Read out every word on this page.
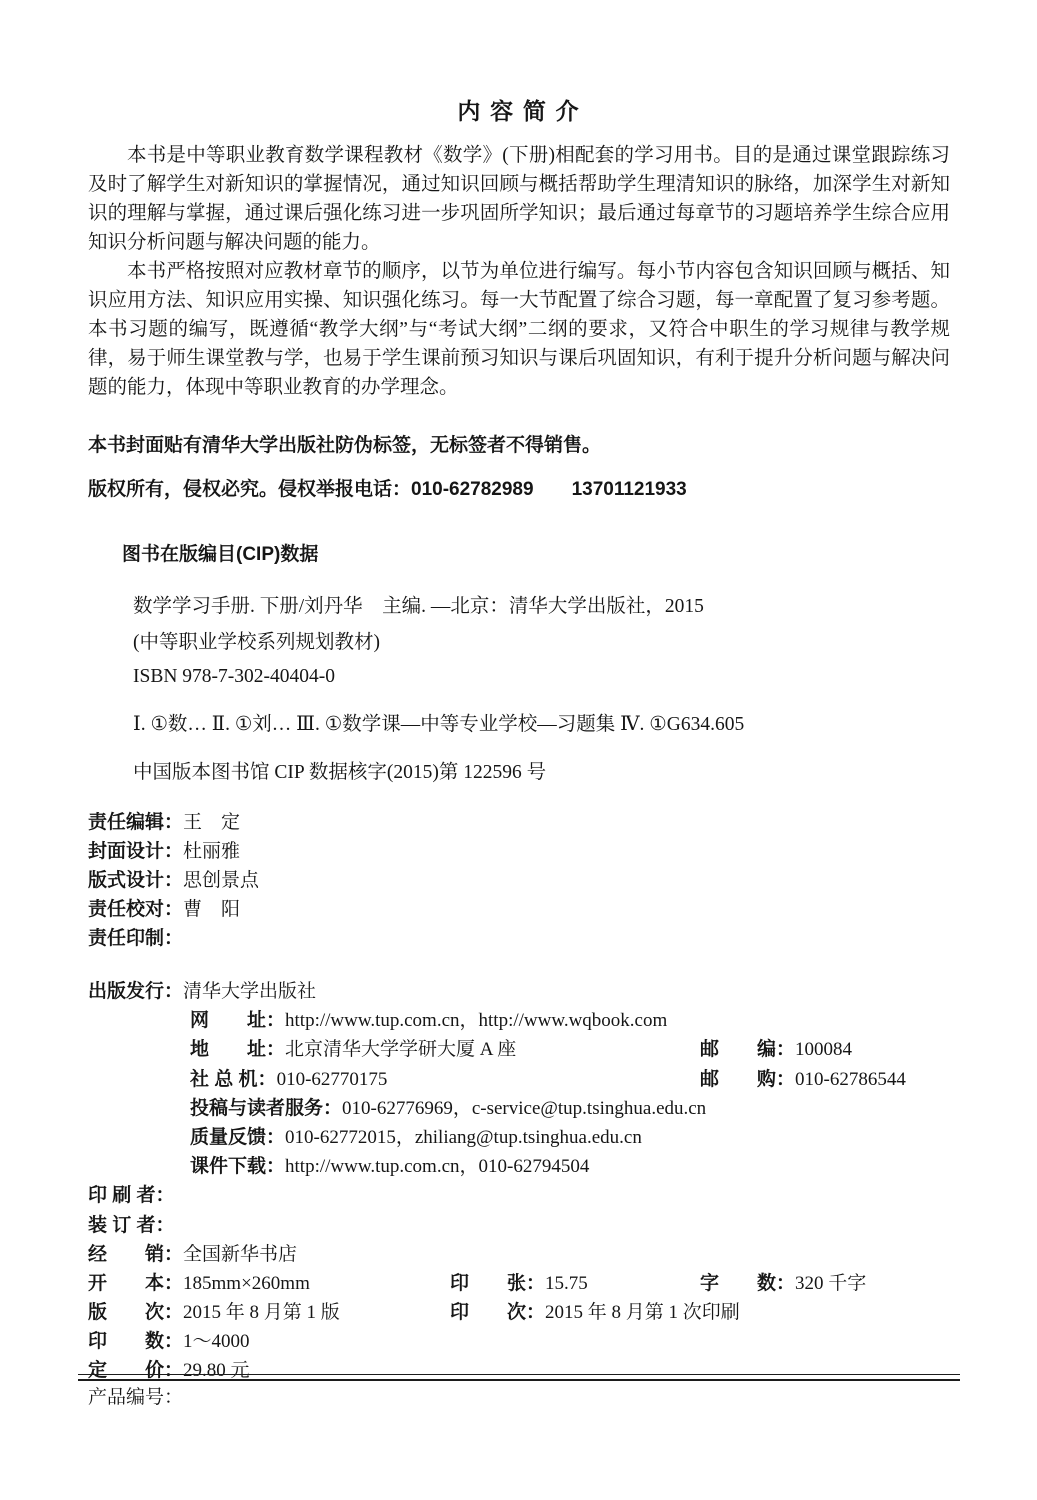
内 容 简 介

本书是中等职业教育数学课程教材《数学》(下册)相配套的学习用书。目的是通过课堂跟踪练习及时了解学生对新知识的掌握情况，通过知识回顾与概括帮助学生理清知识的脉络，加深学生对新知识的理解与掌握，通过课后强化练习进一步巩固所学知识；最后通过每章节的习题培养学生综合应用知识分析问题与解决问题的能力。

本书严格按照对应教材章节的顺序，以节为单位进行编写。每小节内容包含知识回顾与概括、知识应用方法、知识应用实操、知识强化练习。每一大节配置了综合习题，每一章配置了复习参考题。本书习题的编写，既遵循“教学大纲”与“考试大纲”二纲的要求，又符合中职生的学习规律与教学规律，易于师生课堂教与学，也易于学生课前预习知识与课后巩固知识，有利于提升分析问题与解决问题的能力，体现中等职业教育的办学理念。

本书封面贴有清华大学出版社防伪标签，无标签者不得销售。
版权所有，侵权必究。侵权举报电话：010-62782989　　13701121933
图书在版编目(CIP)数据
数学学习手册. 下册/刘丹华　主编. —北京：清华大学出版社，2015
(中等职业学校系列规划教材)
ISBN 978-7-302-40404-0
Ⅰ. ①数… Ⅱ. ①刘… Ⅲ. ①数学课—中等专业学校—习题集 Ⅳ. ①G634.605
中国版本图书馆 CIP 数据核字(2015)第 122596 号
责任编辑：王　定
封面设计：杜丽雅
版式设计：思创景点
责任校对：曹　阳
责任印制：
出版发行：清华大学出版社
网　　址：http://www.tup.com.cn，http://www.wqbook.com
地　　址：北京清华大学学研大厦 A 座	邮　　编：100084
社 总 机：010-62770175	邮　　购：010-62786544
投稿与读者服务：010-62776969，c-service@tup.tsinghua.edu.cn
质量反馈：010-62772015，zhiliang@tup.tsinghua.edu.cn
课件下载：http://www.tup.com.cn，010-62794504
印 刷 者：
装 订 者：
经　　销：全国新华书店
开　　本：185mm×260mm	印　　张：15.75	字　　数：320 千字
版　　次：2015 年 8 月第 1 版	印　　次：2015 年 8 月第 1 次印刷
印　　数：1～4000
定　　价：29.80 元
产品编号：
